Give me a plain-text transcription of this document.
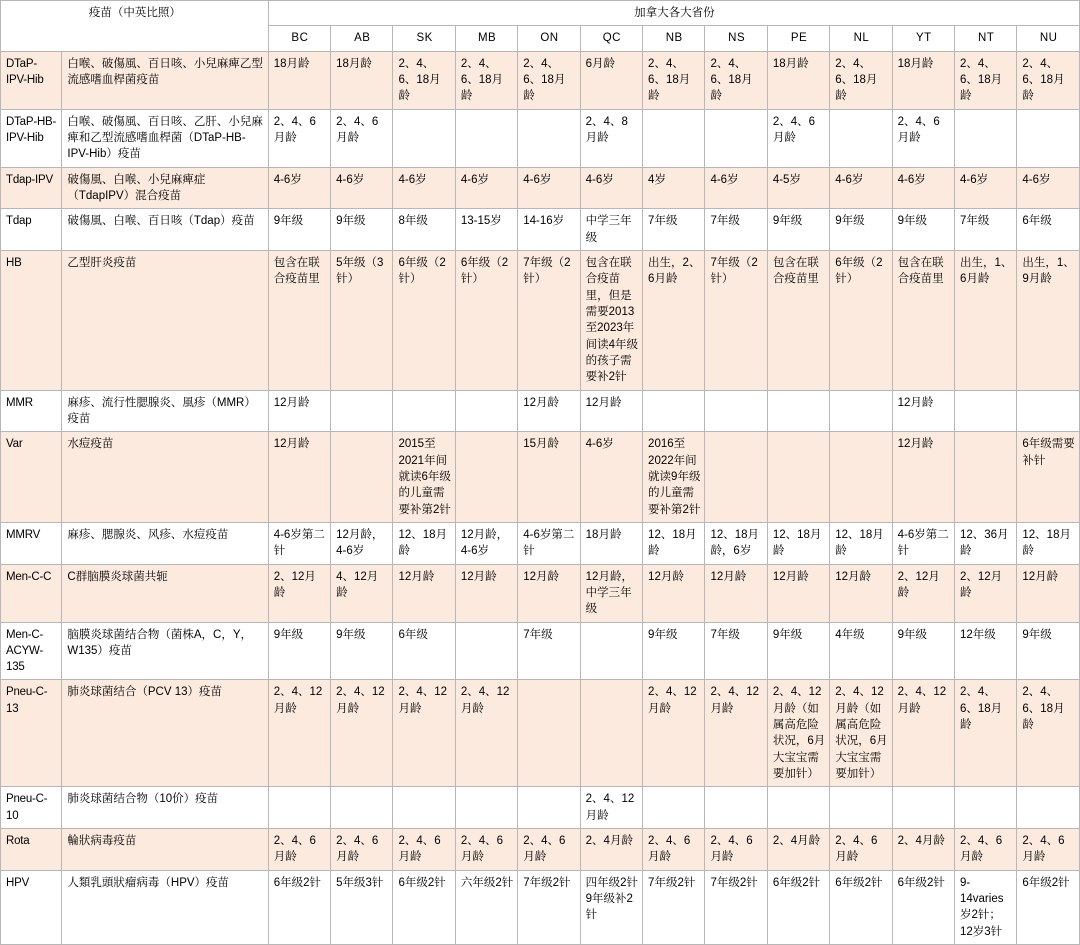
疫苗（中英比照）		加拿大各大省份												
		BC	AB	SK	MB	ON	QC	NB	NS	PE	NL	YT	NT	NU
DTaP-IPV-Hib	白喉、破傷風、百日咳、小兒麻痺乙型流感嗜血桿菌疫苗	18月龄	18月龄	2、4、6、18月龄	2、4、6、18月龄	2、4、6、18月龄	6月龄	2、4、6、18月龄	2、4、6、18月龄	18月龄	2、4、6、18月龄	18月龄	2、4、6、18月龄	2、4、6、18月龄
DTaP-HB-IPV-Hib	白喉、破傷風、百日咳、乙肝、小兒麻痺和乙型流感嗜血桿菌（DTaP-HB-IPV-Hib）疫苗	2、4、6月龄	2、4、6月龄				2、4、8月龄			2、4、6月龄		2、4、6月龄		
Tdap-IPV	破傷風、白喉、小兒麻痺症（TdapIPV）混合疫苗	4-6岁	4-6岁	4-6岁	4-6岁	4-6岁	4-6岁	4岁	4-6岁	4-5岁	4-6岁	4-6岁	4-6岁	4-6岁
Tdap	破傷風、白喉、百日咳（Tdap）疫苗	9年级	9年级	8年级	13-15岁	14-16岁	中学三年级	7年级	7年级	9年级	9年级	9年级	7年级	6年级
HB	乙型肝炎疫苗	包含在联合疫苗里	5年级（3针）	6年级（2针）	6年级（2针）	7年级（2针）	包含在联合疫苗里，但是需要2013至2023年间读4年级的孩子需要补2针	出生，2、6月龄	7年级（2针）	包含在联合疫苗里	6年级（2针）	包含在联合疫苗里	出生，1、6月龄	出生，1、9月龄
MMR	麻疹、流行性腮腺炎、風疹（MMR）疫苗	12月龄				12月龄	12月龄					12月龄		
Var	水痘疫苗	12月龄		2015至2021年间就读6年级的儿童需要补第2针		15月龄	4-6岁	2016至2022年间就读9年级的儿童需要补第2针				12月龄		6年级需要补针
MMRV	麻疹、腮腺炎、风疹、水痘疫苗	4-6岁第二针	12月龄，4-6岁	12、18月龄	12月龄，4-6岁	4-6岁第二针	18月龄	12、18月龄	12、18月龄，6岁	12、18月龄	12、18月龄	4-6岁第二针	12、36月龄	12、18月龄
Men-C-C	C群脑膜炎球菌共轭	2、12月龄	4、12月龄	12月龄	12月龄	12月龄	12月龄，中学三年级	12月龄	12月龄	12月龄	12月龄	2、12月龄	2、12月龄	12月龄
Men-C-ACYW-135	脑膜炎球菌结合物（菌株A，C，Y，W135）疫苗	9年级	9年级	6年级		7年级		9年级	7年级	9年级	4年级	9年级	12年级	9年级
Pneu-C-13	肺炎球菌结合（PCV 13）疫苗	2、4、12月龄	2、4、12月龄	2、4、12月龄	2、4、12月龄			2、4、12月龄	2、4、12月龄	2、4、12月龄（如属高危险状况，6月大宝宝需要加针）	2、4、12月龄（如属高危险状况，6月大宝宝需要加针）	2、4、12月龄	2、4、6、18月龄	2、4、6、18月龄
Pneu-C-10	肺炎球菌结合物（10价）疫苗						2、4、12月龄							
Rota	輪狀病毒疫苗	2、4、6月龄	2、4、6月龄	2、4、6月龄	2、4、6月龄	2、4、6月龄	2、4月龄	2、4、6月龄	2、4、6月龄	2、4月龄	2、4、6月龄	2、4月龄	2、4、6月龄	2、4、6月龄
HPV	人類乳頭狀瘤病毒（HPV）疫苗	6年级2针	5年级3针	6年级2针	六年级2针	7年级2针	四年级2针 9年级补2针	7年级2针	7年级2针	6年级2针	6年级2针	6年级2针	9-14varies岁2针；12岁3针	6年级2针
